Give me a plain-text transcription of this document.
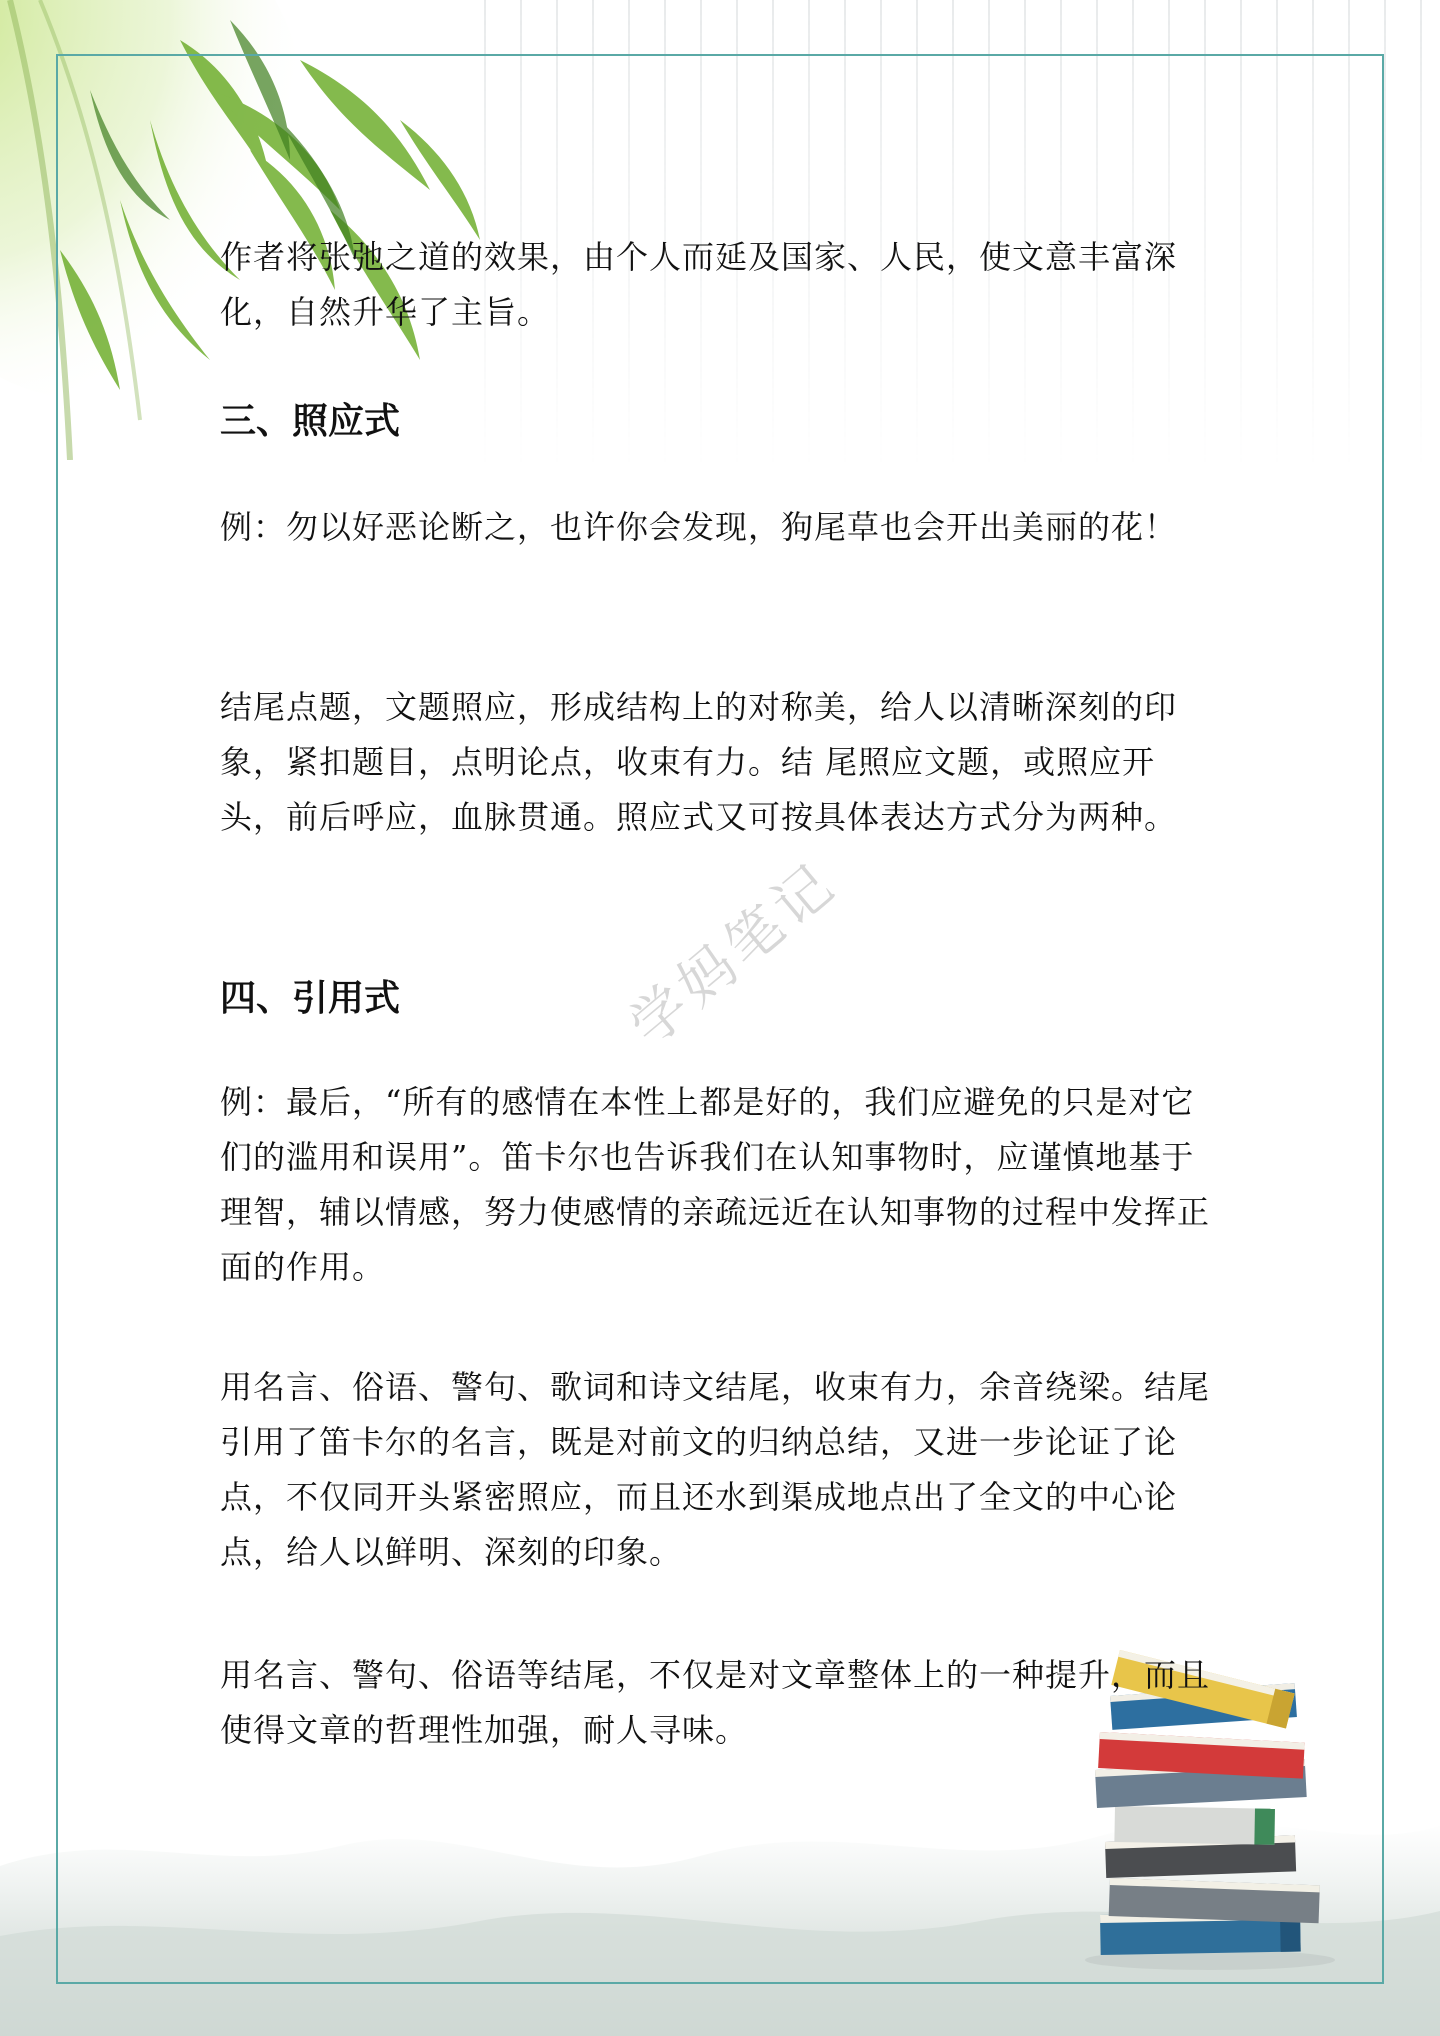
学妈笔记

作者将张弛之道的效果，由个人而延及国家、人民，使文意丰富深化，自然升华了主旨。

三、照应式

例：勿以好恶论断之，也许你会发现，狗尾草也会开出美丽的花！

结尾点题，文题照应，形成结构上的对称美，给人以清晰深刻的印象，紧扣题目，点明论点，收束有力。结 尾照应文题，或照应开头，前后呼应，血脉贯通。照应式又可按具体表达方式分为两种。

四、引用式

例：最后，“所有的感情在本性上都是好的，我们应避免的只是对它们的滥用和误用”。笛卡尔也告诉我们在认知事物时，应谨慎地基于理智，辅以情感，努力使感情的亲疏远近在认知事物的过程中发挥正面的作用。

用名言、俗语、警句、歌词和诗文结尾，收束有力，余音绕梁。结尾引用了笛卡尔的名言，既是对前文的归纳总结，又进一步论证了论点，不仅同开头紧密照应，而且还水到渠成地点出了全文的中心论点，给人以鲜明、深刻的印象。

用名言、警句、俗语等结尾，不仅是对文章整体上的一种提升，而且使得文章的哲理性加强，耐人寻味。
